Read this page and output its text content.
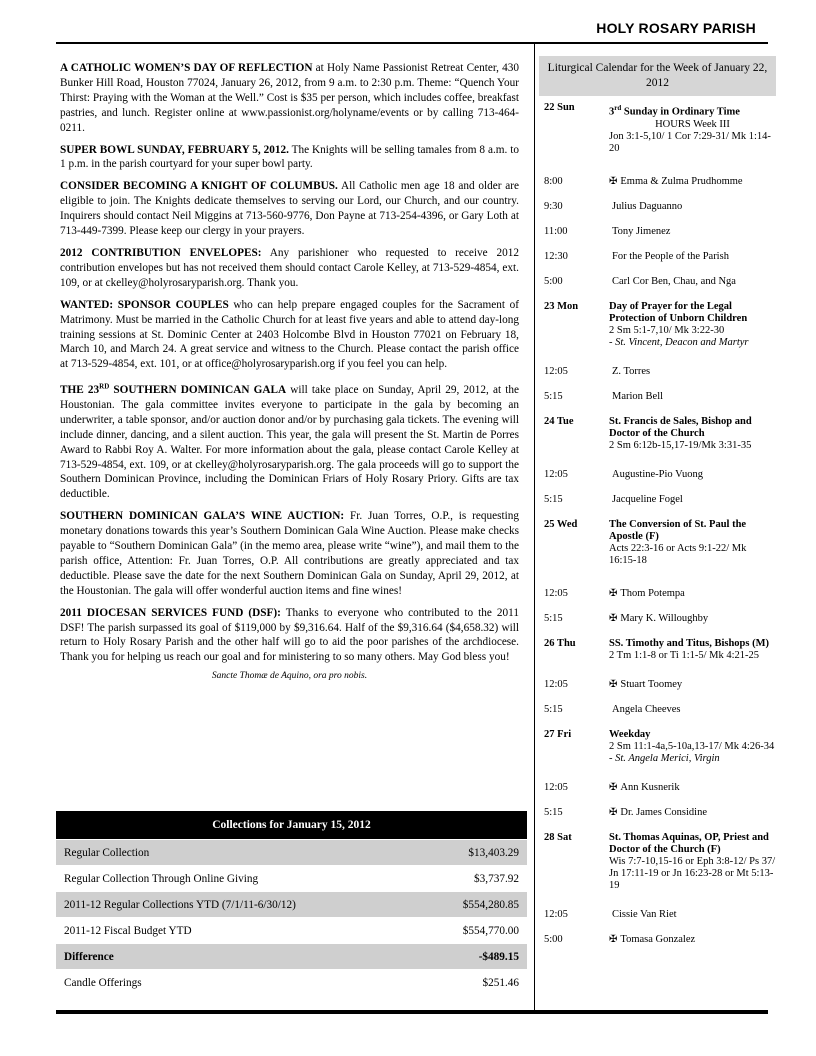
HOLY ROSARY PARISH

A CATHOLIC WOMEN’S DAY OF REFLECTION at Holy Name Passionist Retreat Center, 430 Bunker Hill Road, Houston 77024, January 26, 2012, from 9 a.m. to 2:30 p.m. Theme: “Quench Your Thirst: Praying with the Woman at the Well.” Cost is $35 per person, which includes coffee, breakfast pastries, and lunch. Register online at www.passionist.org/holyname/events or by calling 713-464-0211.

SUPER BOWL SUNDAY, FEBRUARY 5, 2012. The Knights will be selling tamales from 8 a.m. to 1 p.m. in the parish courtyard for your super bowl party.

CONSIDER BECOMING A KNIGHT OF COLUMBUS. All Catholic men age 18 and older are eligible to join. The Knights dedicate themselves to serving our Lord, our Church, and our country. Inquirers should contact Neil Miggins at 713-560-9776, Don Payne at 713-254-4396, or Gary Loth at 713-449-7399. Please keep our clergy in your prayers.

2012 CONTRIBUTION ENVELOPES: Any parishioner who requested to receive 2012 contribution envelopes but has not received them should contact Carole Kelley, at 713-529-4854, ext. 109, or at ckelley@holyrosaryparish.org. Thank you.

WANTED: SPONSOR COUPLES who can help prepare engaged couples for the Sacrament of Matrimony. Must be married in the Catholic Church for at least five years and able to attend day-long training sessions at St. Dominic Center at 2403 Holcombe Blvd in Houston 77021 on February 18, March 10, and March 24. A great service and witness to the Church. Please contact the parish office at 713-529-4854, ext. 101, or at office@holyrosaryparish.org if you feel you can help.

THE 23RD SOUTHERN DOMINICAN GALA will take place on Sunday, April 29, 2012, at the Houstonian. The gala committee invites everyone to participate in the gala by becoming an underwriter, a table sponsor, and/or auction donor and/or by purchasing gala tickets. The evening will include dinner, dancing, and a silent auction. This year, the gala will present the St. Martin de Porres Award to Rabbi Roy A. Walter. For more information about the gala, please contact Carole Kelley at 713-529-4854, ext. 109, or at ckelley@holyrosaryparish.org. The gala proceeds will go to support the Southern Dominican Province, including the Dominican Friars of Holy Rosary Priory. Gifts are tax deductible.

SOUTHERN DOMINICAN GALA’S WINE AUCTION: Fr. Juan Torres, O.P., is requesting monetary donations towards this year’s Southern Dominican Gala Wine Auction. Please make checks payable to “Southern Dominican Gala” (in the memo area, please write “wine”), and mail them to the parish office, Attention: Fr. Juan Torres, O.P. All contributions are greatly appreciated and tax deductible. Please save the date for the next Southern Dominican Gala on Sunday, April 29, 2012, at the Houstonian. The gala will offer wonderful auction items and fine wines!

2011 DIOCESAN SERVICES FUND (DSF): Thanks to everyone who contributed to the 2011 DSF! The parish surpassed its goal of $119,000 by $9,316.64. Half of the $9,316.64 ($4,658.32) will return to Holy Rosary Parish and the other half will go to aid the poor parishes of the archdiocese. Thank you for helping us reach our goal and for ministering to so many others. May God bless you!

Sancte Thomæ de Aquino, ora pro nobis.
Collections for January 15, 2012	
Regular Collection	$13,403.29
Regular Collection Through Online Giving	$3,737.92
2011-12 Regular Collections YTD (7/1/11-6/30/12)	$554,280.85
2011-12 Fiscal Budget YTD	$554,770.00
Difference	-$489.15
Candle Offerings	$251.46
Liturgical Calendar for the Week of January 22, 2012
22 Sun	3rd Sunday in Ordinary Time
HOURS Week III
Jon 3:1-5,10/ 1 Cor 7:29-31/ Mk 1:14-20
8:00	✠ Emma & Zulma Prudhomme
9:30	Julius Daguanno
11:00	Tony Jimenez
12:30	For the People of the Parish
5:00	Carl Cor Ben, Chau, and Nga
23 Mon	Day of Prayer for the Legal Protection of Unborn Children
2 Sm 5:1-7,10/ Mk 3:22-30
- St. Vincent, Deacon and Martyr
12:05	Z. Torres
5:15	Marion Bell
24 Tue	St. Francis de Sales, Bishop and Doctor of the Church
2 Sm 6:12b-15,17-19/Mk 3:31-35
12:05	Augustine-Pio Vuong
5:15	Jacqueline Fogel
25 Wed	The Conversion of St. Paul the Apostle (F)
Acts 22:3-16 or Acts 9:1-22/ Mk 16:15-18
12:05	✠ Thom Potempa
5:15	✠ Mary K. Willoughby
26 Thu	SS. Timothy and Titus, Bishops (M)
2 Tm 1:1-8 or Ti 1:1-5/ Mk 4:21-25
12:05	✠ Stuart Toomey
5:15	Angela Cheeves
27 Fri	Weekday
2 Sm 11:1-4a,5-10a,13-17/ Mk 4:26-34
- St. Angela Merici, Virgin
12:05	✠ Ann Kusnerik
5:15	✠ Dr. James Considine
28 Sat	St. Thomas Aquinas, OP, Priest and Doctor of the Church (F)
Wis 7:7-10,15-16 or Eph 3:8-12/ Ps 37/ Jn 17:11-19 or Jn 16:23-28 or Mt 5:13-19
12:05	Cissie Van Riet
5:00	✠ Tomasa Gonzalez
